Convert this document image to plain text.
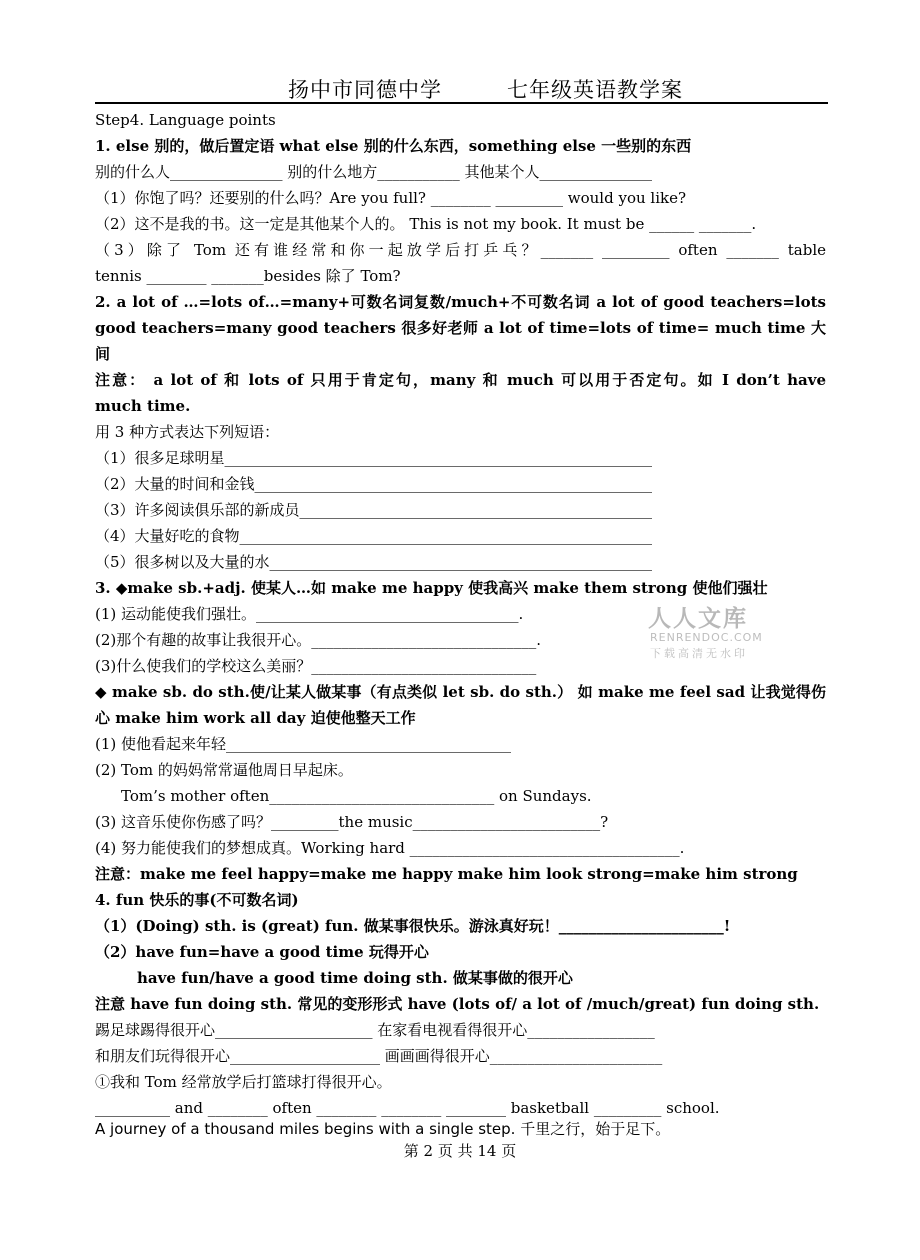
扬中市同德中学	七年级英语教学案
Step4. Language points
1. else 别的，做后置定语 what else 别的什么东西，something else 一些别的东西
别的什么人_______________ 别的什么地方___________ 其他某个人_______________
（1）你饱了吗？还要别的什么吗？Are you full? ________ _________ would you like?
（2）这不是我的书。这一定是其他某个人的。 This is not my book. It must be ______ _______.
（3）除了 Tom 还有谁经常和你一起放学后打乒乓？_______ _________ often _______ table
tennis ________ _______besides 除了 Tom?
2. a lot of …=lots of…=many+可数名词复数/much+不可数名词 a lot of good teachers=lots
good teachers=many good teachers 很多好老师 a lot of time=lots of time= much time 大
间
注意： a lot of 和 lots of 只用于肯定句，many 和 much 可以用于否定句。如 I don’t have
much time.
用 3 种方式表达下列短语：
（1）很多足球明星_________________________________________________________
（2）大量的时间和金钱_____________________________________________________
（3）许多阅读俱乐部的新成员_______________________________________________
（4）大量好吃的食物_______________________________________________________
（5）很多树以及大量的水___________________________________________________
3. ◆make sb.+adj. 使某人…如 make me happy 使我高兴 make them strong 使他们强壮
(1) 运动能使我们强壮。___________________________________.
(2)那个有趣的故事让我很开心。______________________________.
(3)什么使我们的学校这么美丽？______________________________
◆ make sb. do sth.使/让某人做某事（有点类似 let sb. do sth.） 如 make me feel sad 让我觉得伤
心 make him work all day 迫使他整天工作
(1) 使他看起来年轻______________________________________
(2) Tom 的妈妈常常逼他周日早起床。
Tom’s mother often______________________________ on Sundays.
(3) 这音乐使你伤感了吗？_________the music_________________________?
(4) 努力能使我们的梦想成真。Working hard ____________________________________.
注意：make me feel happy=make me happy make him look strong=make him strong
4. fun 快乐的事(不可数名词)
（1）(Doing) sth. is (great) fun. 做某事很快乐。游泳真好玩！______________________!
（2）have fun=have a good time 玩得开心
have fun/have a good time doing sth. 做某事做的很开心
注意 have fun doing sth. 常见的变形形式 have (lots of/ a lot of /much/great) fun doing sth.
踢足球踢得很开心_____________________ 在家看电视看得很开心_________________
和朋友们玩得很开心____________________ 画画画得很开心_______________________
①我和 Tom 经常放学后打篮球打得很开心。
__________ and ________ often ________ ________ ________ basketball _________ school.
人人文库
RENRENDOC.COM
下载高清无水印
A journey of a thousand miles begins with a single step. 千里之行，始于足下。
第 2 页 共 14 页
